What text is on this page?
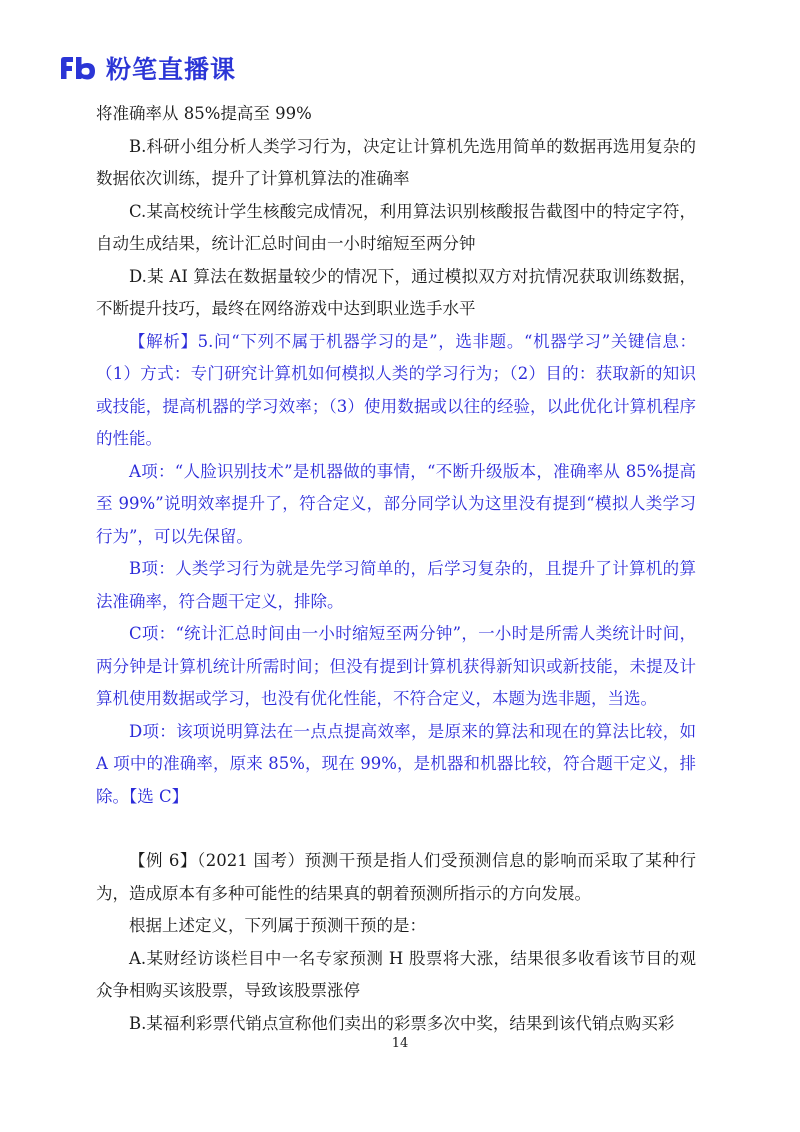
粉笔直播课

将准确率从 85%提高至 99%

B.科研小组分析人类学习行为，决定让计算机先选用简单的数据再选用复杂的数据依次训练，提升了计算机算法的准确率

C.某高校统计学生核酸完成情况，利用算法识别核酸报告截图中的特定字符，自动生成结果，统计汇总时间由一小时缩短至两分钟

D.某 AI 算法在数据量较少的情况下，通过模拟双方对抗情况获取训练数据，不断提升技巧，最终在网络游戏中达到职业选手水平

【解析】5.问“下列不属于机器学习的是”，选非题。“机器学习”关键信息：（1）方式：专门研究计算机如何模拟人类的学习行为；（2）目的：获取新的知识或技能，提高机器的学习效率；（3）使用数据或以往的经验，以此优化计算机程序的性能。

A项：“人脸识别技术”是机器做的事情，“不断升级版本，准确率从 85%提高至 99%”说明效率提升了，符合定义，部分同学认为这里没有提到“模拟人类学习行为”，可以先保留。

B项：人类学习行为就是先学习简单的，后学习复杂的，且提升了计算机的算法准确率，符合题干定义，排除。

C项：“统计汇总时间由一小时缩短至两分钟”，一小时是所需人类统计时间，两分钟是计算机统计所需时间；但没有提到计算机获得新知识或新技能，未提及计算机使用数据或学习，也没有优化性能，不符合定义，本题为选非题，当选。

D项：该项说明算法在一点点提高效率，是原来的算法和现在的算法比较，如 A 项中的准确率，原来 85%，现在 99%，是机器和机器比较，符合题干定义，排除。【选 C】

【例 6】（2021 国考）预测干预是指人们受预测信息的影响而采取了某种行为，造成原本有多种可能性的结果真的朝着预测所指示的方向发展。

根据上述定义，下列属于预测干预的是：

A.某财经访谈栏目中一名专家预测 H 股票将大涨，结果很多收看该节目的观众争相购买该股票，导致该股票涨停

B.某福利彩票代销点宣称他们卖出的彩票多次中奖，结果到该代销点购买彩

14
